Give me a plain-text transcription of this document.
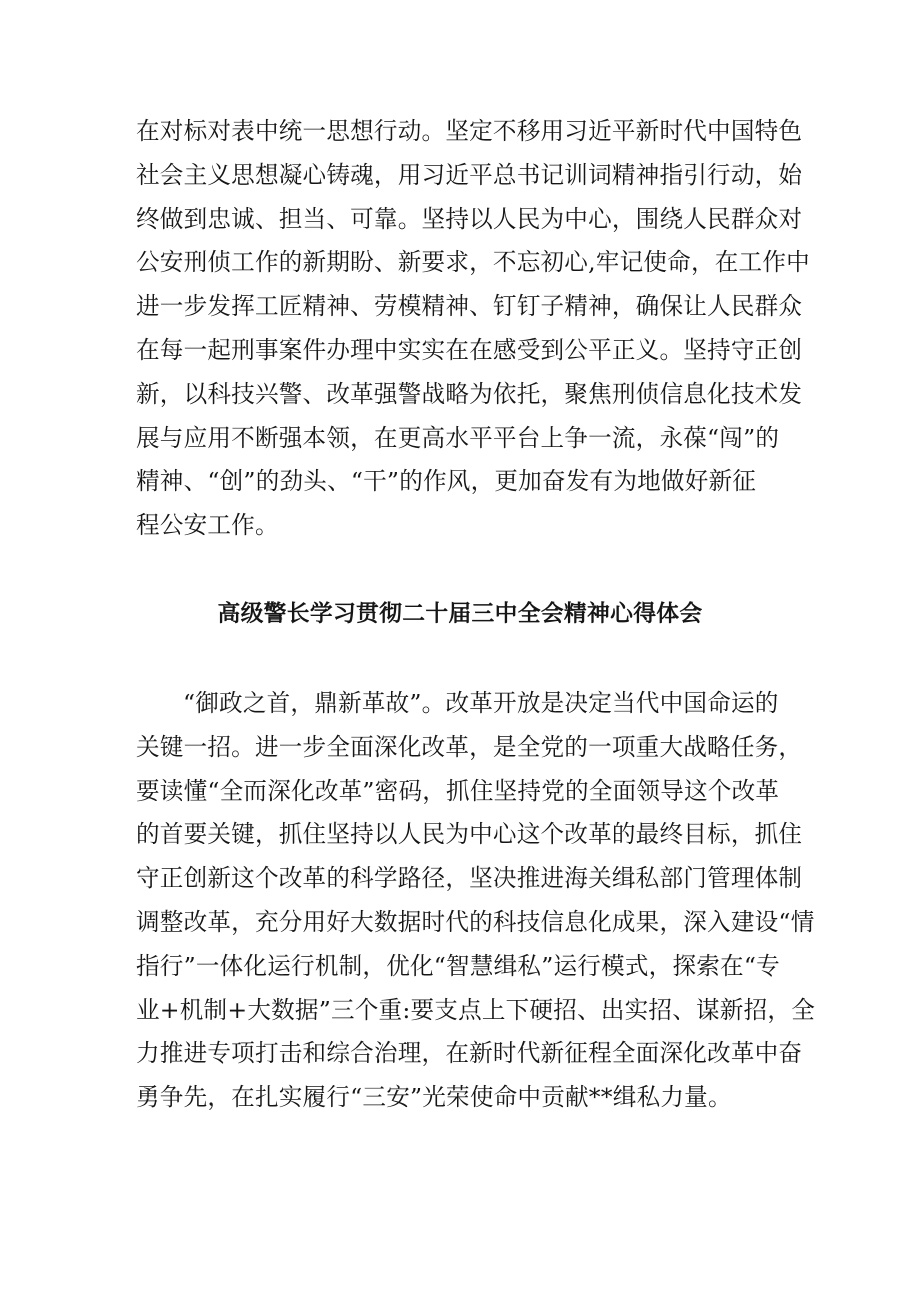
在对标对表中统一思想行动。坚定不移用习近平新时代中国特色
社会主义思想凝心铸魂，用习近平总书记训词精神指引行动，始
终做到忠诚、担当、可靠。坚持以人民为中心，围绕人民群众对
公安刑侦工作的新期盼、新要求，不忘初心,牢记使命，在工作中
进一步发挥工匠精神、劳模精神、钉钉子精神，确保让人民群众
在每一起刑事案件办理中实实在在感受到公平正义。坚持守正创
新，以科技兴警、改革强警战略为依托，聚焦刑侦信息化技术发
展与应用不断强本领，在更高水平平台上争一流，永葆“闯”的
精神、“创”的劲头、“干”的作风，更加奋发有为地做好新征
程公安工作。
高级警长学习贯彻二十届三中全会精神心得体会
“御政之首，鼎新革故”。改革开放是决定当代中国命运的
关键一招。进一步全面深化改革，是全党的一项重大战略任务，
要读懂“全而深化改革”密码，抓住坚持党的全面领导这个改革
的首要关键，抓住坚持以人民为中心这个改革的最终目标，抓住
守正创新这个改革的科学路径，坚决推进海关缉私部门管理体制
调整改革，充分用好大数据时代的科技信息化成果，深入建设“情
指行”一体化运行机制，优化“智慧缉私”运行模式，探索在“专
业+机制+大数据”三个重:要支点上下硬招、出实招、谋新招，全
力推进专项打击和综合治理，在新时代新征程全面深化改革中奋
勇争先，在扎实履行“三安”光荣使命中贡献**缉私力量。
